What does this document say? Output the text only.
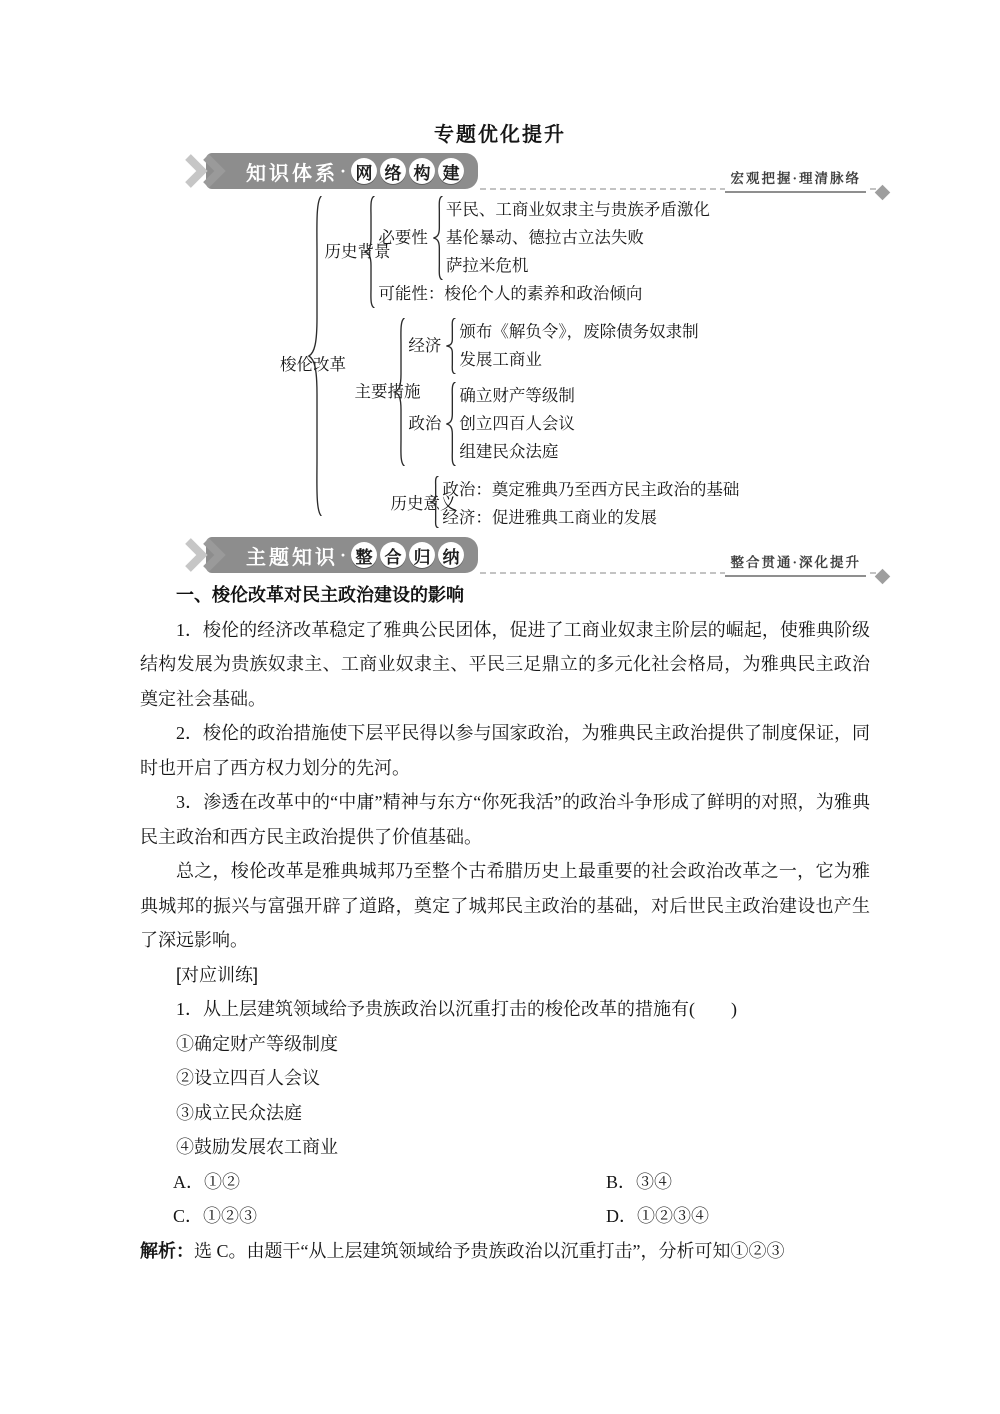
专题优化提升
知识体系 · 网 络 构 建	宏观把握·理清脉络
梭伦改革
历史背景
必要性
平民、工商业奴隶主与贵族矛盾激化
基伦暴动、德拉古立法失败
萨拉米危机
可能性：梭伦个人的素养和政治倾向
主要措施
经济
颁布《解负令》，废除债务奴隶制
发展工商业
政治
确立财产等级制
创立四百人会议
组建民众法庭
历史意义
政治：奠定雅典乃至西方民主政治的基础
经济：促进雅典工商业的发展
主题知识 · 整 合 归 纳	整合贯通·深化提升
一、梭伦改革对民主政治建设的影响
1．梭伦的经济改革稳定了雅典公民团体，促进了工商业奴隶主阶层的崛起，使雅典阶级结构发展为贵族奴隶主、工商业奴隶主、平民三足鼎立的多元化社会格局，为雅典民主政治奠定社会基础。
2．梭伦的政治措施使下层平民得以参与国家政治，为雅典民主政治提供了制度保证，同时也开启了西方权力划分的先河。
3．渗透在改革中的“中庸”精神与东方“你死我活”的政治斗争形成了鲜明的对照，为雅典民主政治和西方民主政治提供了价值基础。
总之，梭伦改革是雅典城邦乃至整个古希腊历史上最重要的社会政治改革之一，它为雅典城邦的振兴与富强开辟了道路，奠定了城邦民主政治的基础，对后世民主政治建设也产生了深远影响。
[对应训练]
1．从上层建筑领域给予贵族政治以沉重打击的梭伦改革的措施有(　　)
①确定财产等级制度
②设立四百人会议
③成立民众法庭
④鼓励发展农工商业
A．①②	B．③④
C．①②③	D．①②③④
解析：选 C。由题干“从上层建筑领域给予贵族政治以沉重打击”，分析可知①②③
